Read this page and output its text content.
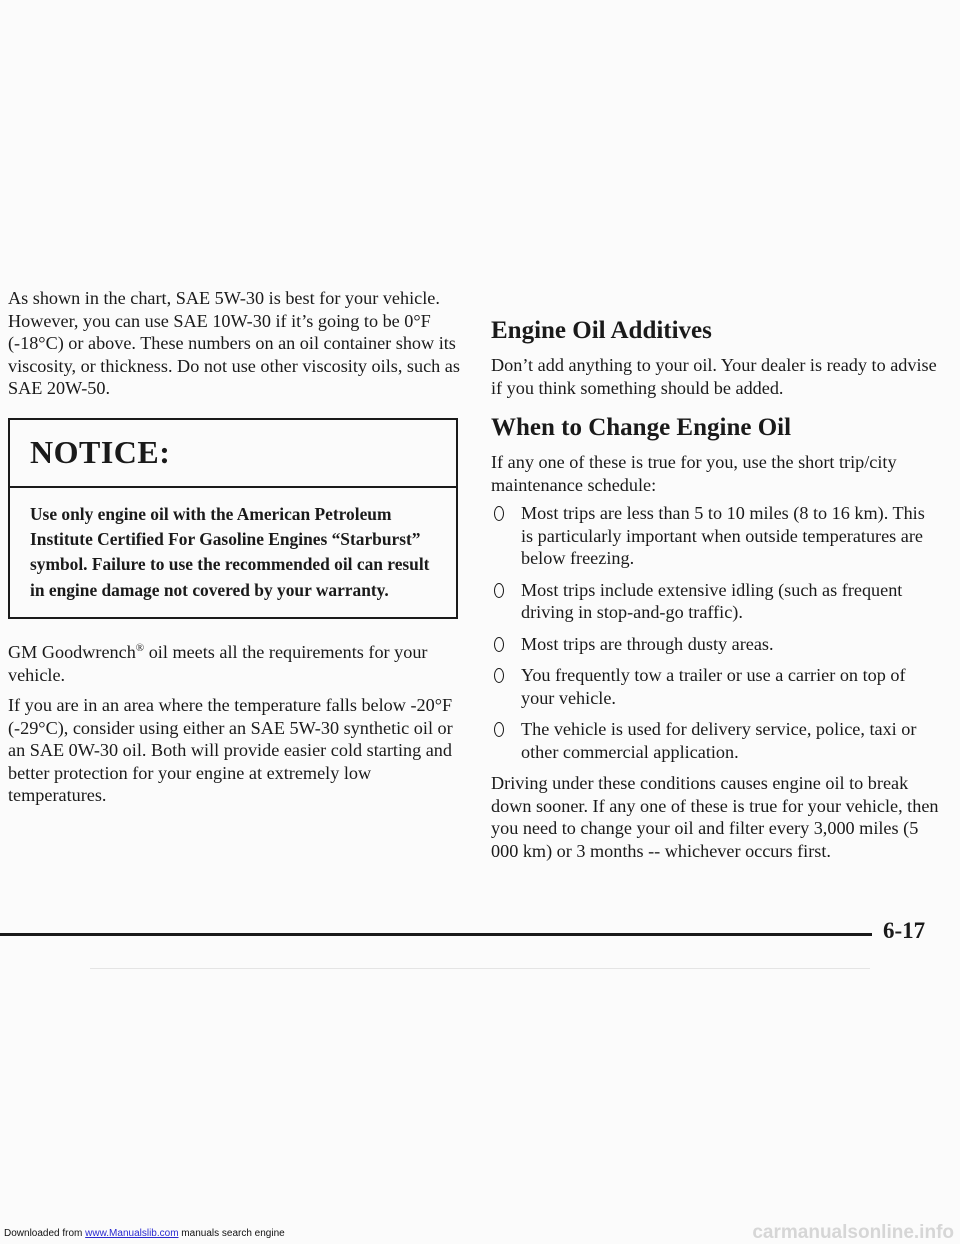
As shown in the chart, SAE 5W-30 is best for your vehicle. However, you can use SAE 10W-30 if it’s going to be 0°F (-18°C) or above. These numbers on an oil container show its viscosity, or thickness. Do not use other viscosity oils, such as SAE 20W-50.

NOTICE:
Use only engine oil with the American Petroleum Institute Certified For Gasoline Engines “Starburst” symbol. Failure to use the recommended oil can result in engine damage not covered by your warranty.

GM Goodwrench® oil meets all the requirements for your vehicle.

If you are in an area where the temperature falls below -20°F (-29°C), consider using either an SAE 5W-30 synthetic oil or an SAE 0W-30 oil. Both will provide easier cold starting and better protection for your engine at extremely low temperatures.

Engine Oil Additives

Don’t add anything to your oil. Your dealer is ready to advise if you think something should be added.

When to Change Engine Oil

If any one of these is true for you, use the short trip/city maintenance schedule:

Most trips are less than 5 to 10 miles (8 to 16 km). This is particularly important when outside temperatures are below freezing.
Most trips include extensive idling (such as frequent driving in stop-and-go traffic).
Most trips are through dusty areas.
You frequently tow a trailer or use a carrier on top of your vehicle.
The vehicle is used for delivery service, police, taxi or other commercial application.

Driving under these conditions causes engine oil to break down sooner. If any one of these is true for your vehicle, then you need to change your oil and filter every 3,000 miles (5 000 km) or 3 months -- whichever occurs first.

6-17
Downloaded from www.Manualslib.com manuals search engine	carmanualsonline.info
